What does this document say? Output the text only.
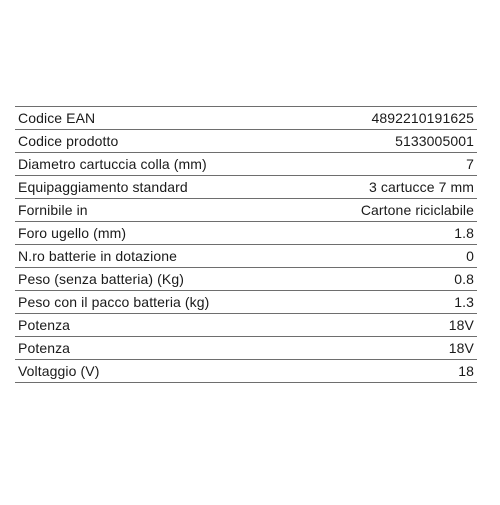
Codice EAN	4892210191625
Codice prodotto	5133005001
Diametro cartuccia colla (mm)	7
Equipaggiamento standard	3 cartucce 7 mm
Fornibile in	Cartone riciclabile
Foro ugello (mm)	1.8
N.ro batterie in dotazione	0
Peso (senza batteria) (Kg)	0.8
Peso con il pacco batteria (kg)	1.3
Potenza	18V
Potenza	18V
Voltaggio (V)	18
